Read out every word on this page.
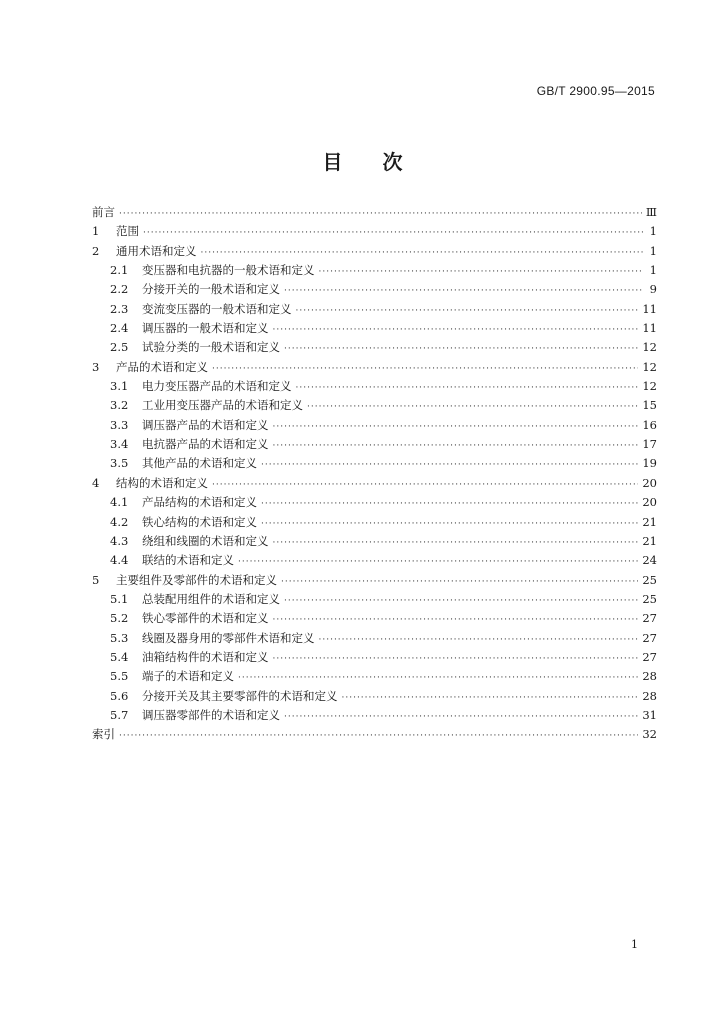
GB/T 2900.95—2015
目 次
前言 ·····	Ⅲ
1	范围 ·····	1
2	通用术语和定义 ·····	1
2.1	变压器和电抗器的一般术语和定义 ·····	1
2.2	分接开关的一般术语和定义 ·····	9
2.3	变流变压器的一般术语和定义 ·····	11
2.4	调压器的一般术语和定义 ·····	11
2.5	试验分类的一般术语和定义 ·····	12
3	产品的术语和定义 ·····	12
3.1	电力变压器产品的术语和定义 ·····	12
3.2	工业用变压器产品的术语和定义 ·····	15
3.3	调压器产品的术语和定义 ·····	16
3.4	电抗器产品的术语和定义 ·····	17
3.5	其他产品的术语和定义 ·····	19
4	结构的术语和定义 ·····	20
4.1	产品结构的术语和定义 ·····	20
4.2	铁心结构的术语和定义 ·····	21
4.3	绕组和线圈的术语和定义 ·····	21
4.4	联结的术语和定义 ·····	24
5	主要组件及零部件的术语和定义 ·····	25
5.1	总装配用组件的术语和定义 ·····	25
5.2	铁心零部件的术语和定义 ·····	27
5.3	线圈及器身用的零部件术语和定义 ·····	27
5.4	油箱结构件的术语和定义 ·····	27
5.5	端子的术语和定义 ·····	28
5.6	分接开关及其主要零部件的术语和定义 ·····	28
5.7	调压器零部件的术语和定义 ·····	31
索引 ·····	32
1
